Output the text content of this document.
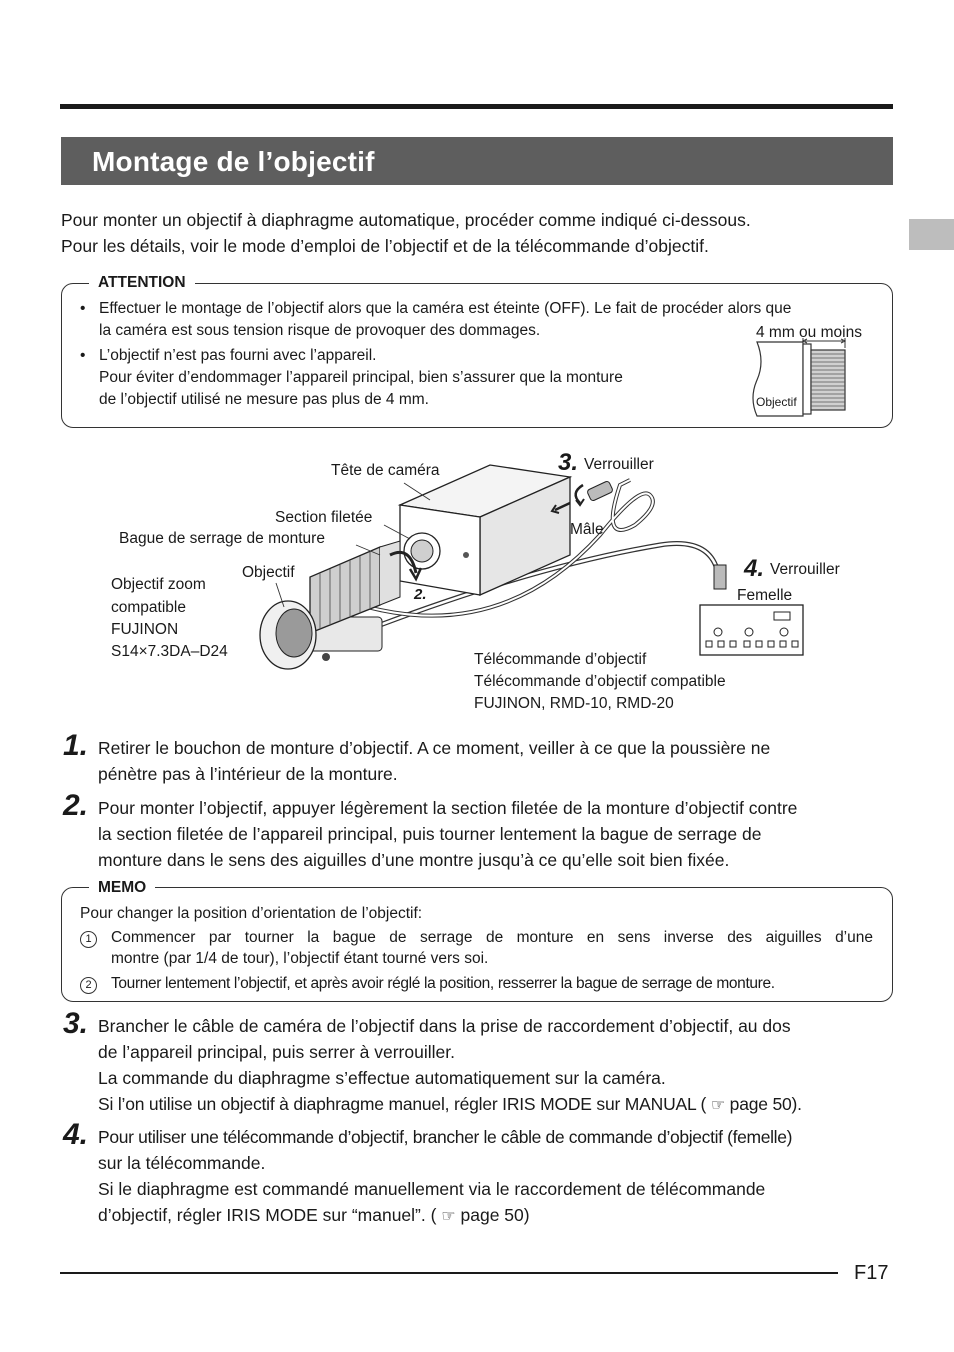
Montage de l’objectif

Pour monter un objectif à diaphragme automatique, procéder comme indiqué ci-dessous.

Pour les détails, voir le mode d’emploi de l’objectif et de la télécommande d’objectif.

ATTENTION
• Effectuer le montage de l’objectif alors que la caméra est éteinte (OFF). Le fait de procéder alors que
la caméra est sous tension risque de provoquer des dommages.
• L’objectif n’est pas fourni avec l’appareil.
Pour éviter d’endommager l’appareil principal, bien s’assurer que la monture
de l’objectif utilisé ne mesure pas plus de 4 mm.
4 mm ou moins
Objectif
Tête de caméra	3. Verrouiller
Section filetée
Mâle
Bague de serrage de monture
Objectif	4. Verrouiller
Objectif zoom
compatible
FUJINON
S14×7.3DA–D24
2.	Femelle
Télécommande d’objectif
Télécommande d’objectif compatible
FUJINON, RMD-10, RMD-20
1. Retirer le bouchon de monture d’objectif. A ce moment, veiller à ce que la poussière ne

pénètre pas à l’intérieur de la monture.

2. Pour monter l’objectif, appuyer légèrement la section filetée de la monture d’objectif contre

la section filetée de l’appareil principal, puis tourner lentement la bague de serrage de

monture dans le sens des aiguilles d’une montre jusqu’à ce qu’elle soit bien fixée.

MEMO
Pour changer la position d’orientation de l’objectif:
1	Commencer par tourner la bague de serrage de monture en sens inverse des aiguilles d’une
montre (par 1/4 de tour), l’objectif étant tourné vers soi.
2	Tourner lentement l’objectif, et après avoir réglé la position, resserrer la bague de serrage de monture.
3. Brancher le câble de caméra de l’objectif dans la prise de raccordement d’objectif, au dos

de l’appareil principal, puis serrer à verrouiller.

La commande du diaphragme s’effectue automatiquement sur la caméra.

Si l’on utilise un objectif à diaphragme manuel, régler IRIS MODE sur MANUAL ( ☞ page 50).

4. Pour utiliser une télécommande d’objectif, brancher le câble de commande d’objectif (femelle)

sur la télécommande.

Si le diaphragme est commandé manuellement via le raccordement de télécommande

d’objectif, régler IRIS MODE sur “manuel”. ( ☞ page 50)

F17
